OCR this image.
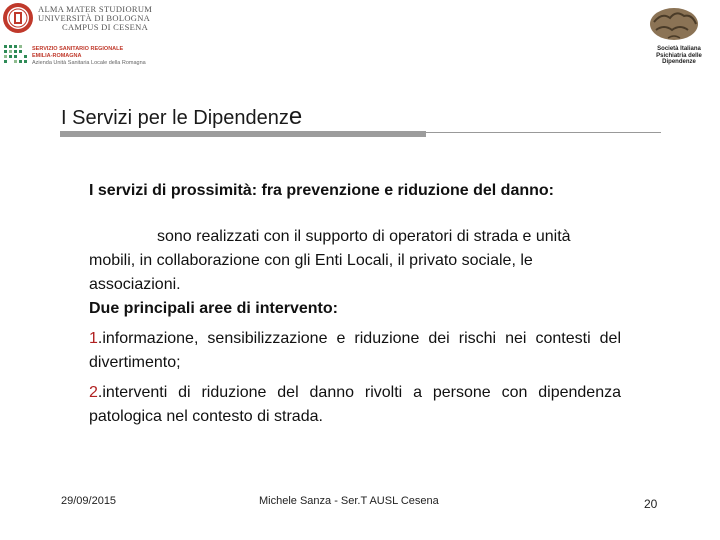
ALMA MATER STUDIORUM
UNIVERSITÀ DI BOLOGNA
CAMPUS DI CESENA
SERVIZIO SANITARIO REGIONALE
EMILIA-ROMAGNA
Azienda Unità Sanitaria Locale della Romagna
Società Italiana
Psichiatria delle
Dipendenze
I Servizi per le Dipendenze

I servizi di prossimità: fra prevenzione e riduzione del danno:

sono realizzati con il supporto di operatori di strada e unità mobili, in collaborazione con gli Enti Locali, il privato sociale, le associazioni.

Due principali aree di intervento:

1.informazione, sensibilizzazione e riduzione dei rischi nei contesti del divertimento;

2.interventi di riduzione del danno rivolti a persone con dipendenza patologica nel contesto di strada.

29/09/2015	Michele Sanza - Ser.T AUSL Cesena	20
